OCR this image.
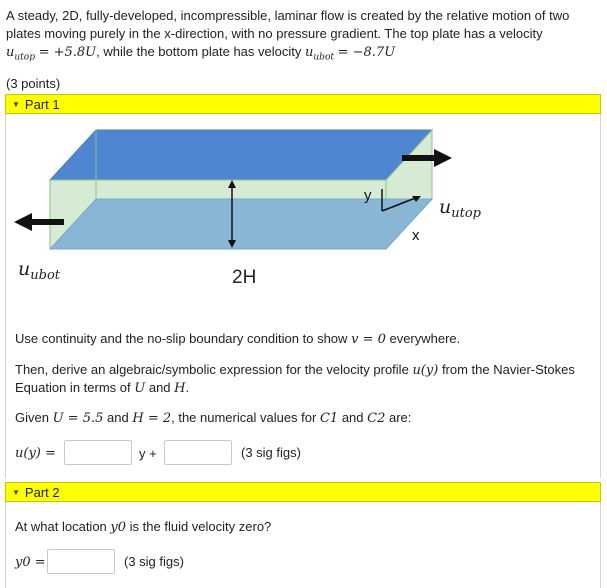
A steady, 2D, fully-developed, incompressible, laminar flow is created by the relative motion of two
plates moving purely in the x-direction, with no pressure gradient. The top plate has a velocity
$u_{utop} = +5.8U$, while the bottom plate has velocity $u_{ubot} = -8.7U$
(3 points)
▼ Part 1
y
x
$u_{utop}$
$u_{ubot}$	2H
Use continuity and the no-slip boundary condition to show v = 0 everywhere.
Then, derive an algebraic/symbolic expression for the velocity profile u(y) from the Navier-Stokes
Equation in terms of U and H.
Given U = 5.5 and H = 2, the numerical values for C1 and C2 are:
u(y) =	y +	(3 sig figs)
▼ Part 2
At what location y0 is the fluid velocity zero?
y0 =	(3 sig figs)
